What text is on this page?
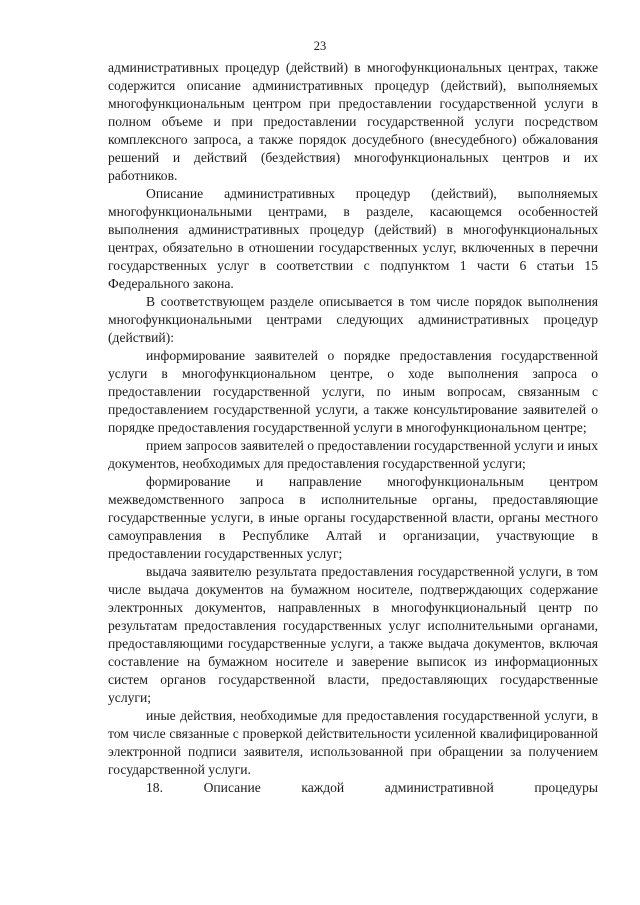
23

административных процедур (действий) в многофункциональных центрах, также содержится описание административных процедур (действий), выполняемых многофункциональным центром при предоставлении государственной услуги в полном объеме и при предоставлении государственной услуги посредством комплексного запроса, а также порядок досудебного (внесудебного) обжалования решений и действий (бездействия) многофункциональных центров и их работников.

Описание административных процедур (действий), выполняемых многофункциональными центрами, в разделе, касающемся особенностей выполнения административных процедур (действий) в многофункциональных центрах, обязательно в отношении государственных услуг, включенных в перечни государственных услуг в соответствии с подпунктом 1 части 6 статьи 15 Федерального закона.

В соответствующем разделе описывается в том числе порядок выполнения многофункциональными центрами следующих административных процедур (действий):

информирование заявителей о порядке предоставления государственной услуги в многофункциональном центре, о ходе выполнения запроса о предоставлении государственной услуги, по иным вопросам, связанным с предоставлением государственной услуги, а также консультирование заявителей о порядке предоставления государственной услуги в многофункциональном центре;

прием запросов заявителей о предоставлении государственной услуги и иных документов, необходимых для предоставления государственной услуги;

формирование и направление многофункциональным центром межведомственного запроса в исполнительные органы, предоставляющие государственные услуги, в иные органы государственной власти, органы местного самоуправления в Республике Алтай и организации, участвующие в предоставлении государственных услуг;

выдача заявителю результата предоставления государственной услуги, в том числе выдача документов на бумажном носителе, подтверждающих содержание электронных документов, направленных в многофункциональный центр по результатам предоставления государственных услуг исполнительными органами, предоставляющими государственные услуги, а также выдача документов, включая составление на бумажном носителе и заверение выписок из информационных систем органов государственной власти, предоставляющих государственные услуги;

иные действия, необходимые для предоставления государственной услуги, в том числе связанные с проверкой действительности усиленной квалифицированной электронной подписи заявителя, использованной при обращении за получением государственной услуги.

18. Описание каждой административной процедуры
